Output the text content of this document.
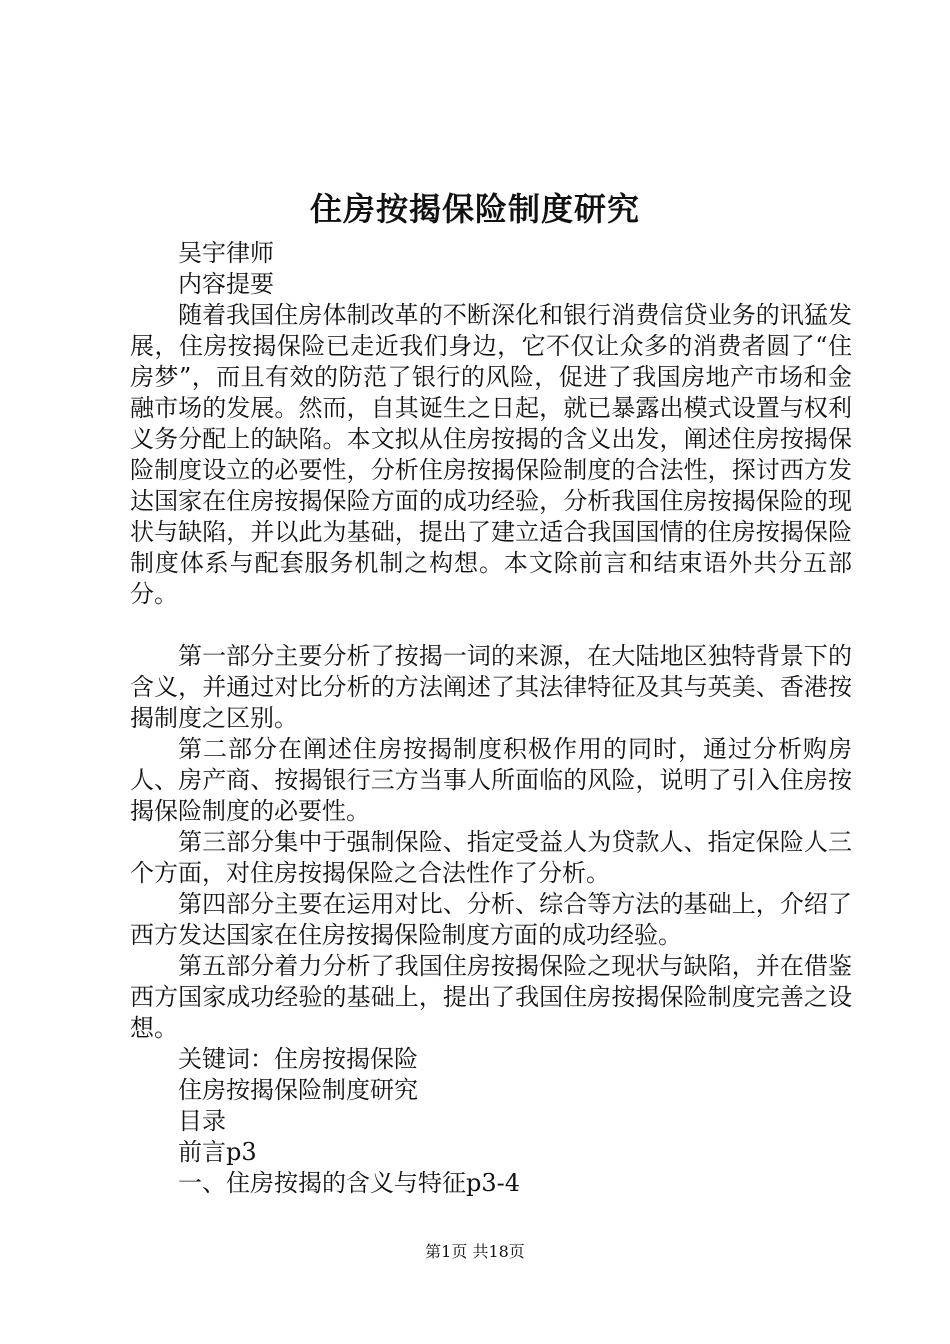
住房按揭保险制度研究

吴宇律师

内容提要

随着我国住房体制改革的不断深化和银行消费信贷业务的讯猛发展，住房按揭保险已走近我们身边，它不仅让众多的消费者圆了“住房梦”，而且有效的防范了银行的风险，促进了我国房地产市场和金融市场的发展。然而，自其诞生之日起，就已暴露出模式设置与权利义务分配上的缺陷。本文拟从住房按揭的含义出发，阐述住房按揭保险制度设立的必要性，分析住房按揭保险制度的合法性，探讨西方发达国家在住房按揭保险方面的成功经验，分析我国住房按揭保险的现状与缺陷，并以此为基础，提出了建立适合我国国情的住房按揭保险制度体系与配套服务机制之构想。本文除前言和结束语外共分五部分。

第一部分主要分析了按揭一词的来源，在大陆地区独特背景下的含义，并通过对比分析的方法阐述了其法律特征及其与英美、香港按揭制度之区别。

第二部分在阐述住房按揭制度积极作用的同时，通过分析购房人、房产商、按揭银行三方当事人所面临的风险，说明了引入住房按揭保险制度的必要性。

第三部分集中于强制保险、指定受益人为贷款人、指定保险人三个方面，对住房按揭保险之合法性作了分析。

第四部分主要在运用对比、分析、综合等方法的基础上，介绍了西方发达国家在住房按揭保险制度方面的成功经验。

第五部分着力分析了我国住房按揭保险之现状与缺陷，并在借鉴西方国家成功经验的基础上，提出了我国住房按揭保险制度完善之设想。

关键词：住房按揭保险

住房按揭保险制度研究

目录

前言p3

一、住房按揭的含义与特征p3-4

第1页 共18页
